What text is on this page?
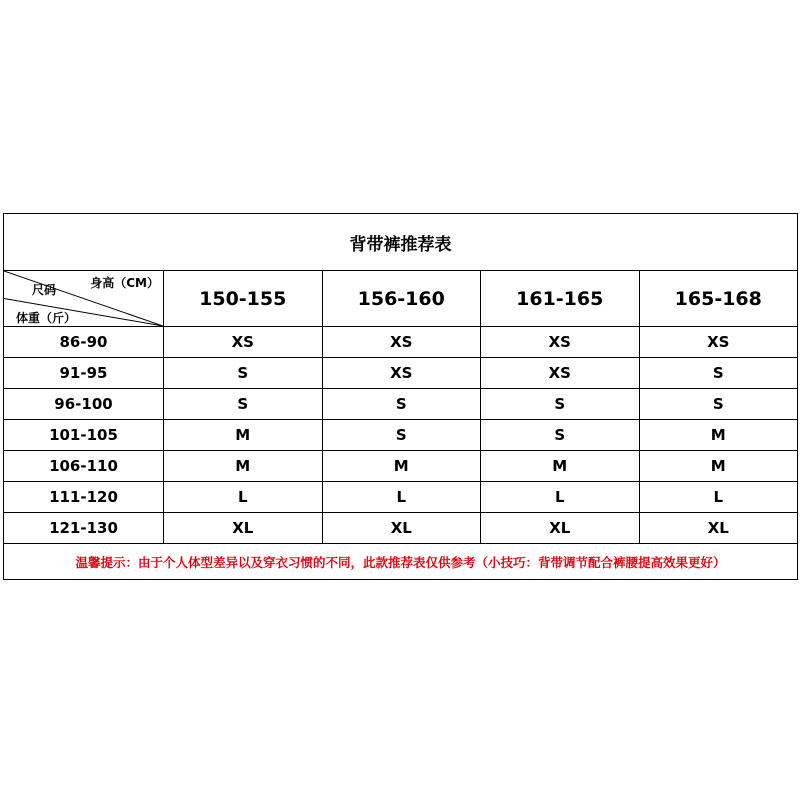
背带裤推荐表				

身高（CM）
尺码
体重（斤）	150-155	156-160	161-165	165-168
86-90	XS	XS	XS	XS
91-95	S	XS	XS	S
96-100	S	S	S	S
101-105	M	S	S	M
106-110	M	M	M	M
111-120	L	L	L	L
121-130	XL	XL	XL	XL
温馨提示：由于个人体型差异以及穿衣习惯的不同，此款推荐表仅供参考（小技巧：背带调节配合裤腰提高效果更好）				
